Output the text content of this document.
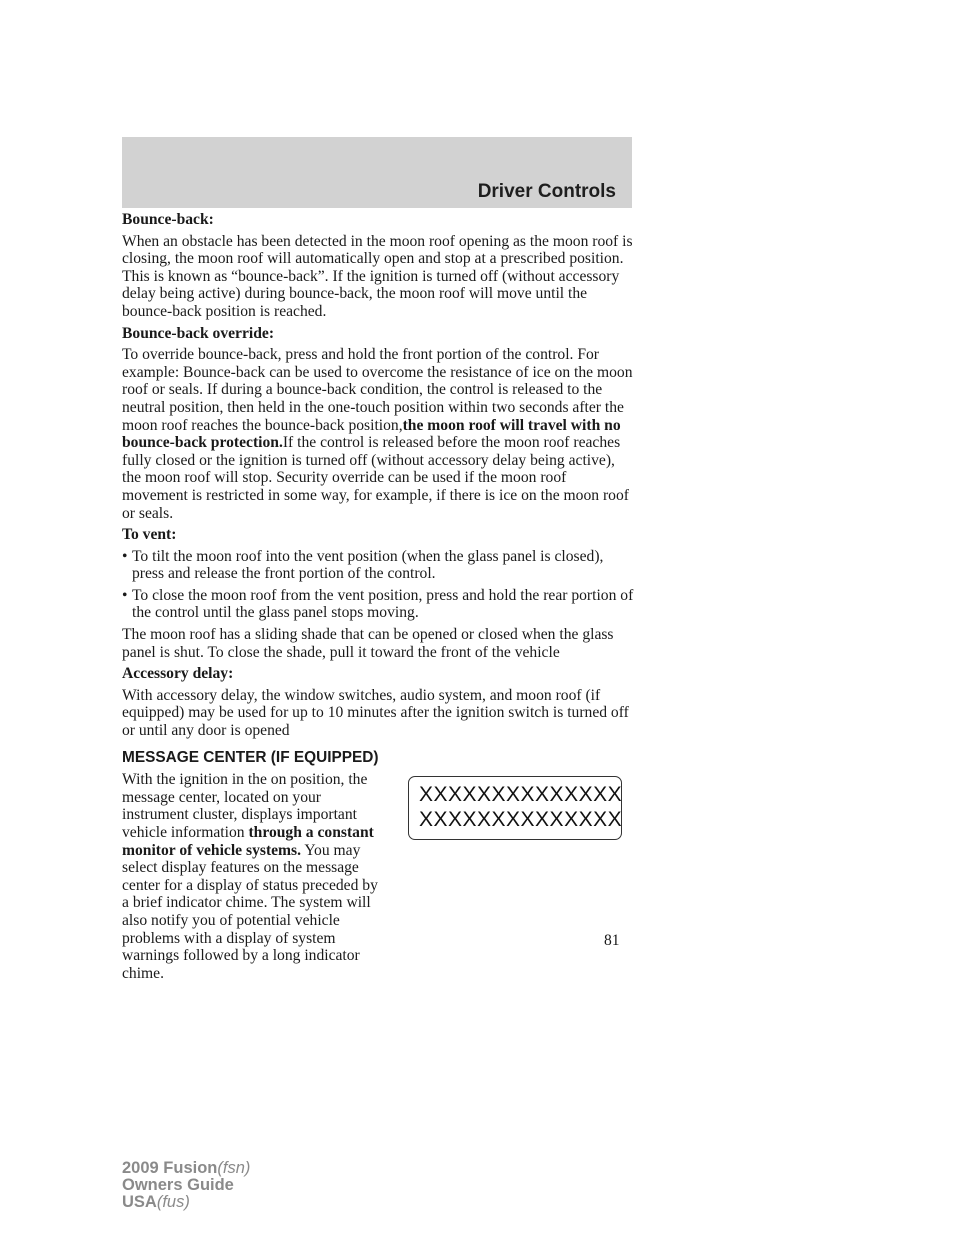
Driver Controls

Bounce-back:

When an obstacle has been detected in the moon roof opening as the moon roof is closing, the moon roof will automatically open and stop at a prescribed position. This is known as “bounce-back”. If the ignition is turned off (without accessory delay being active) during bounce-back, the moon roof will move until the bounce-back position is reached.

Bounce-back override:

To override bounce-back, press and hold the front portion of the control. For example: Bounce-back can be used to overcome the resistance of ice on the moon roof or seals. If during a bounce-back condition, the control is released to the neutral position, then held in the one-touch position within two seconds after the moon roof reaches the bounce-back position,the moon roof will travel with no bounce-back protection.If the control is released before the moon roof reaches fully closed or the ignition is turned off (without accessory delay being active), the moon roof will stop. Security override can be used if the moon roof movement is restricted in some way, for example, if there is ice on the moon roof or seals.

To vent:

• To tilt the moon roof into the vent position (when the glass panel is closed), press and release the front portion of the control.
• To close the moon roof from the vent position, press and hold the rear portion of the control until the glass panel stops moving.

The moon roof has a sliding shade that can be opened or closed when the glass panel is shut. To close the shade, pull it toward the front of the vehicle

Accessory delay:

With accessory delay, the window switches, audio system, and moon roof (if equipped) may be used for up to 10 minutes after the ignition switch is turned off or until any door is opened

MESSAGE CENTER (IF EQUIPPED)

XXXXXXXXXXXXXX
XXXXXXXXXXXXXX
With the ignition in the on position, the message center, located on your instrument cluster, displays important vehicle information through a constant monitor of vehicle systems. You may select display features on the message center for a display of status preceded by a brief indicator chime. The system will also notify you of potential vehicle problems with a display of system warnings followed by a long indicator chime.
81
2009 Fusion(fsn)
Owners Guide
USA(fus)
